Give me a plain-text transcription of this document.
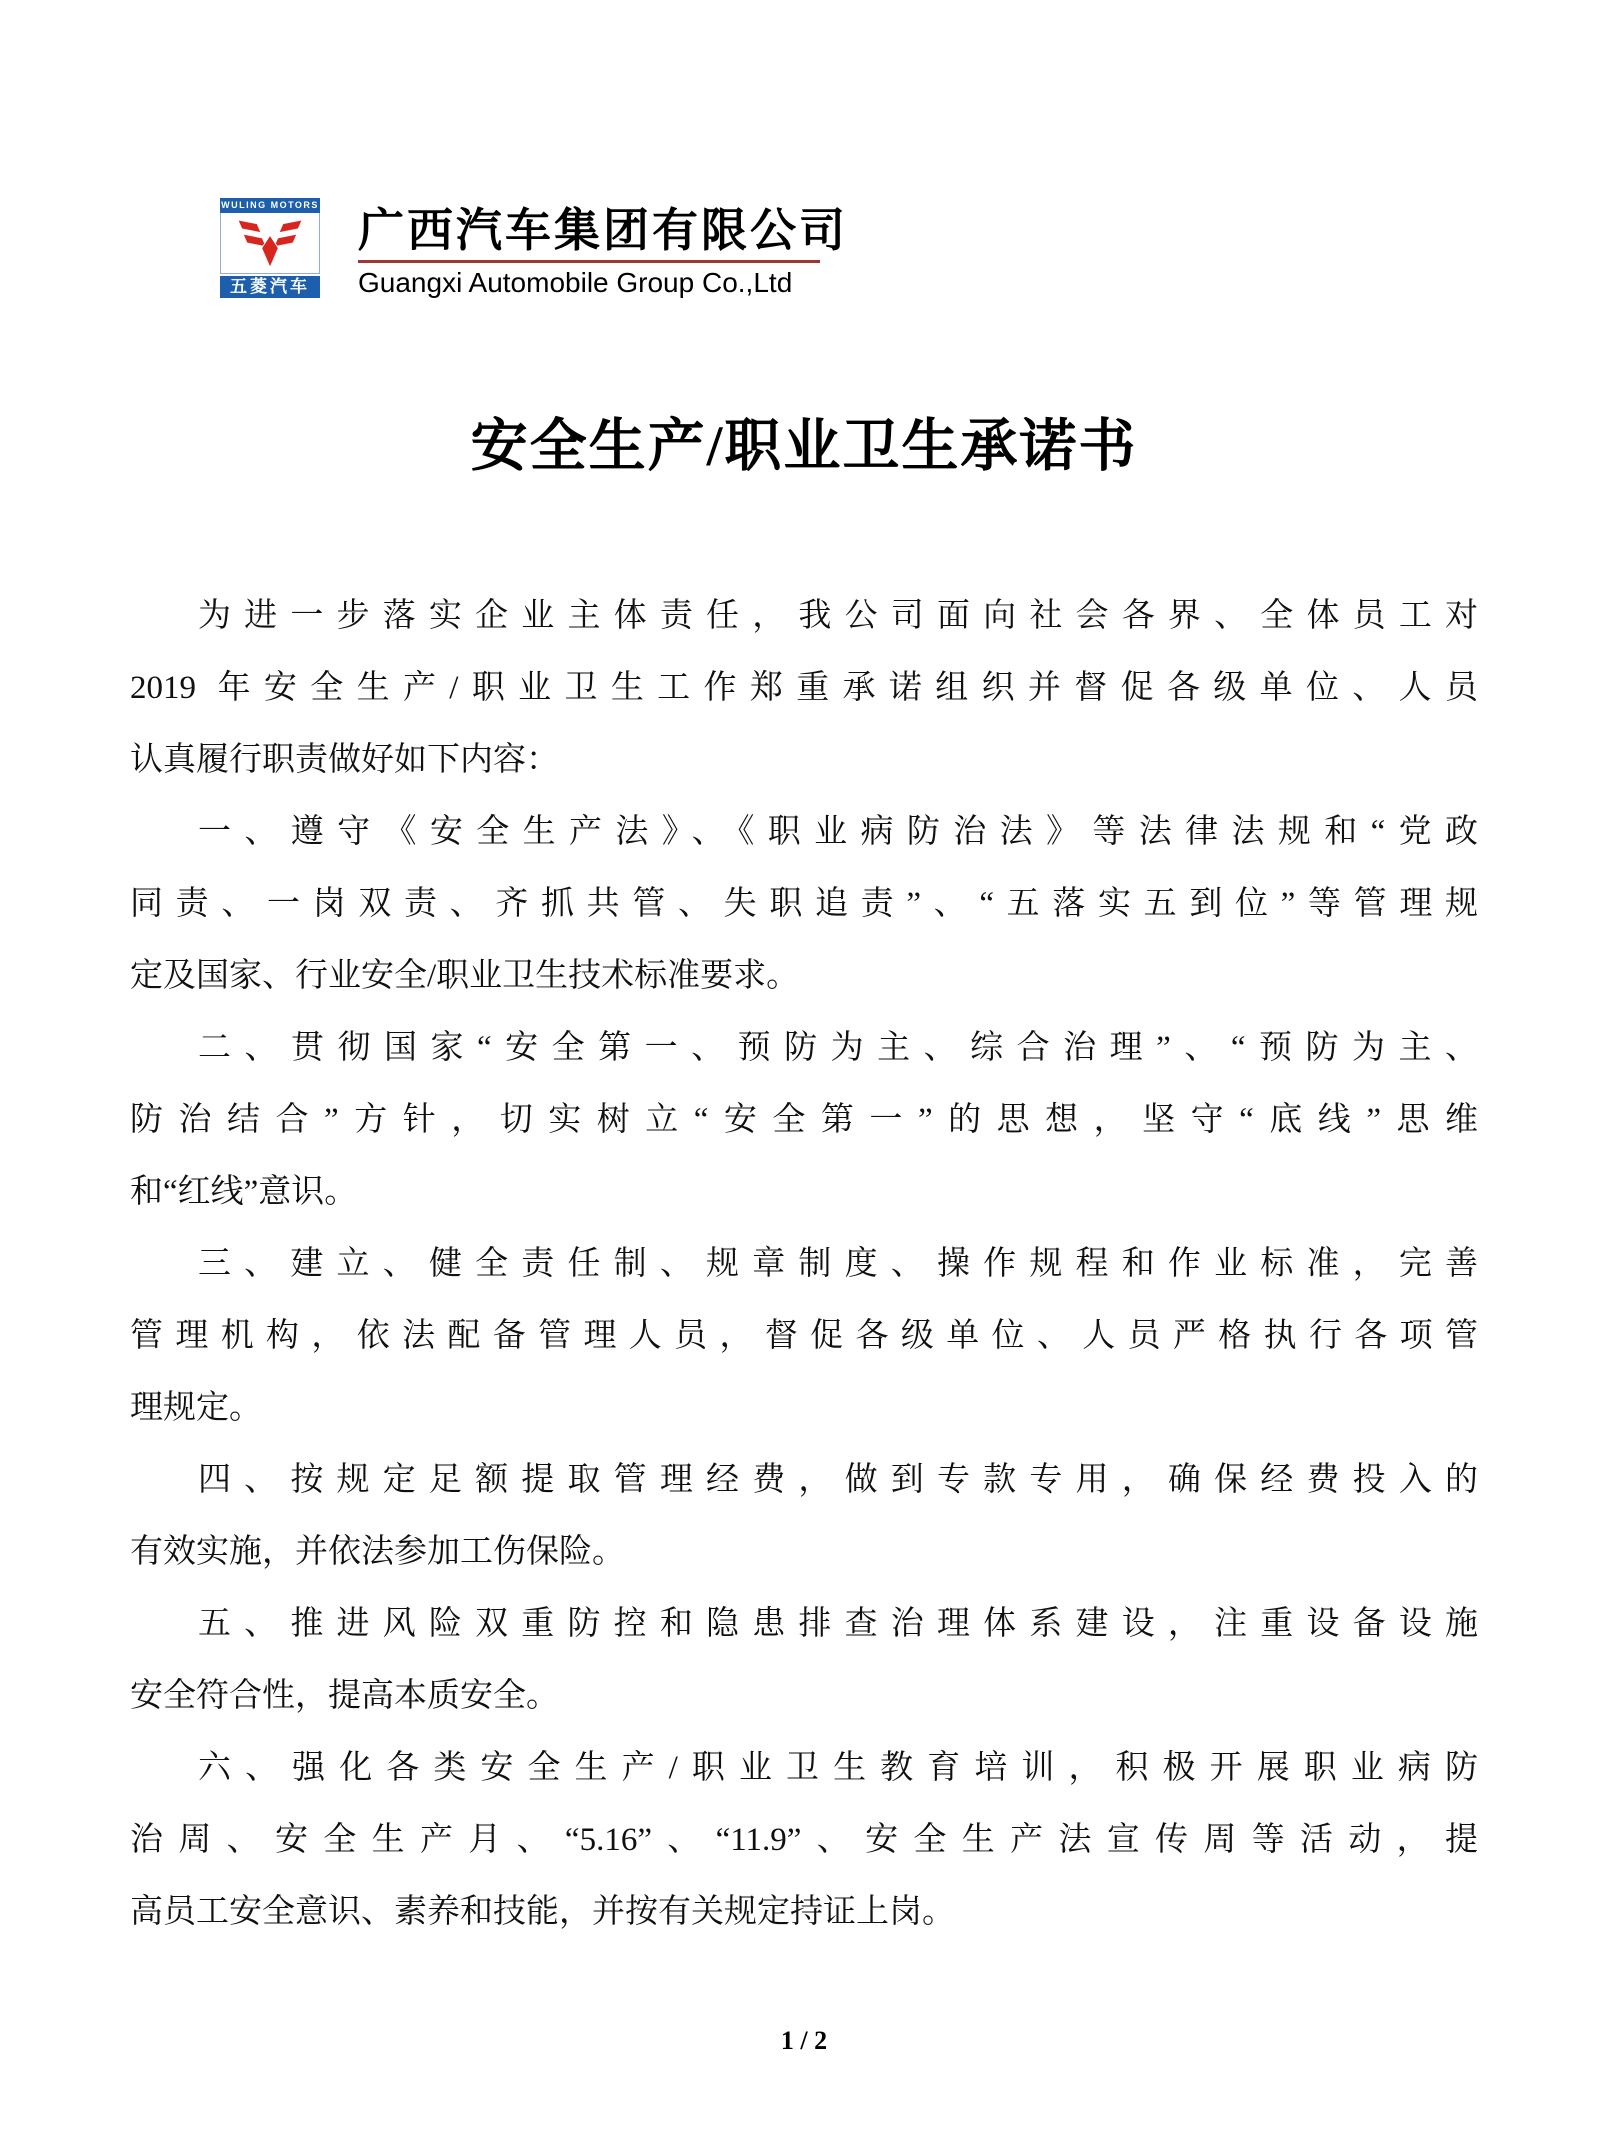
WULING MOTORS
五菱汽车
广西汽车集团有限公司
Guangxi Automobile Group Co.,Ltd
安全生产/职业卫生承诺书
为进一步落实企业主体责任，我公司面向社会各界、全体员工对
2019 年安全生产/职业卫生工作郑重承诺组织并督促各级单位、人员
认真履行职责做好如下内容：
一、遵守《安全生产法》、《职业病防治法》等法律法规和“党政
同责、一岗双责、齐抓共管、失职追责”、“五落实五到位”等管理规
定及国家、行业安全/职业卫生技术标准要求。
二、贯彻国家“安全第一、预防为主、综合治理”、“预防为主、
防治结合”方针，切实树立“安全第一”的思想，坚守“底线”思维
和“红线”意识。
三、建立、健全责任制、规章制度、操作规程和作业标准，完善
管理机构，依法配备管理人员，督促各级单位、人员严格执行各项管
理规定。
四、按规定足额提取管理经费，做到专款专用，确保经费投入的
有效实施，并依法参加工伤保险。
五、推进风险双重防控和隐患排查治理体系建设，注重设备设施
安全符合性，提高本质安全。
六、强化各类安全生产/职业卫生教育培训，积极开展职业病防
治周、安全生产月、“5.16”、“11.9”、安全生产法宣传周等活动，提
高员工安全意识、素养和技能，并按有关规定持证上岗。
1 / 2
